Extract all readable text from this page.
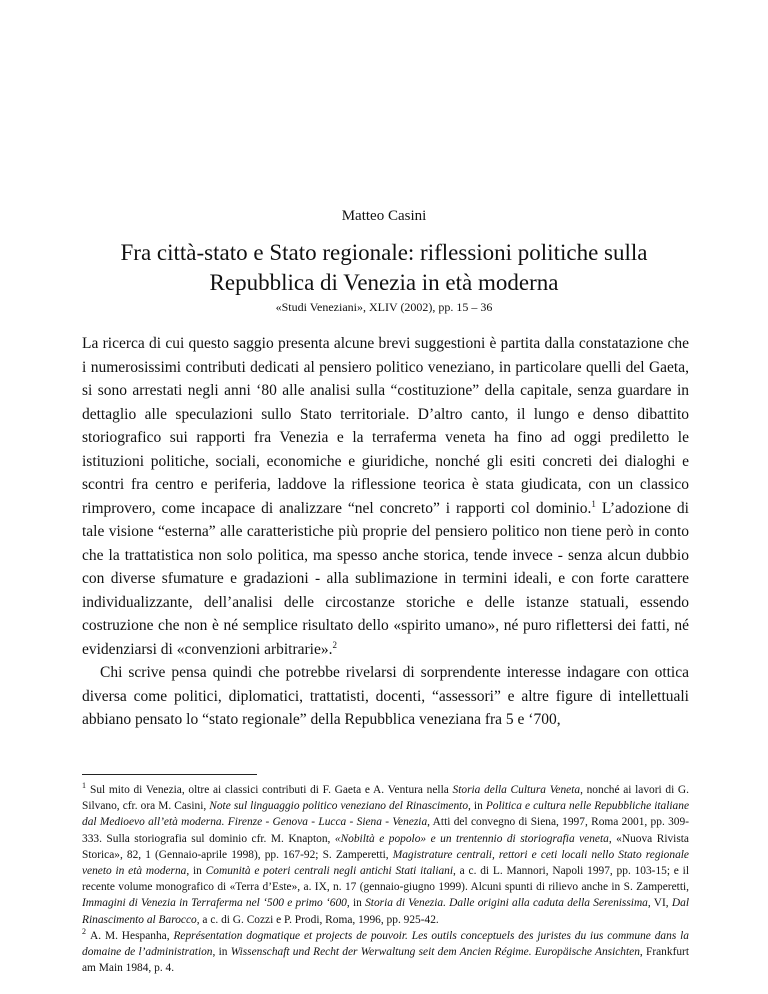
Matteo Casini
Fra città-stato e Stato regionale: riflessioni politiche sulla
Repubblica di Venezia in età moderna
«Studi Veneziani», XLIV (2002), pp. 15 – 36

La ricerca di cui questo saggio presenta alcune brevi suggestioni è partita dalla constatazione che i numerosissimi contributi dedicati al pensiero politico veneziano, in particolare quelli del Gaeta, si sono arrestati negli anni ‘80 alle analisi sulla “costituzione” della capitale, senza guardare in dettaglio alle speculazioni sullo Stato territoriale. D’altro canto, il lungo e denso dibattito storiografico sui rapporti fra Venezia e la terraferma veneta ha fino ad oggi prediletto le istituzioni politiche, sociali, economiche e giuridiche, nonché gli esiti concreti dei dialoghi e scontri fra centro e periferia, laddove la riflessione teorica è stata giudicata, con un classico rimprovero, come incapace di analizzare “nel concreto” i rapporti col dominio.$^1$ L’adozione di tale visione “esterna” alle caratteristiche più proprie del pensiero politico non tiene però in conto che la trattatistica non solo politica, ma spesso anche storica, tende invece - senza alcun dubbio con diverse sfumature e gradazioni - alla sublimazione in termini ideali, e con forte carattere individualizzante, dell’analisi delle circostanze storiche e delle istanze statuali, essendo costruzione che non è né semplice risultato dello «spirito umano», né puro riflettersi dei fatti, né evidenziarsi di «convenzioni arbitrarie».$^2$

Chi scrive pensa quindi che potrebbe rivelarsi di sorprendente interesse indagare con ottica diversa come politici, diplomatici, trattatisti, docenti, “assessori” e altre figure di intellettuali abbiano pensato lo “stato regionale” della Repubblica veneziana fra 5 e ‘700,

$^1$ Sul mito di Venezia, oltre ai classici contributi di F. Gaeta e A. Ventura nella Storia della Cultura Veneta, nonché ai lavori di G. Silvano, cfr. ora M. Casini, Note sul linguaggio politico veneziano del Rinascimento, in Politica e cultura nelle Repubbliche italiane dal Medioevo all’età moderna. Firenze - Genova - Lucca - Siena - Venezia, Atti del convegno di Siena, 1997, Roma 2001, pp. 309-333. Sulla storiografia sul dominio cfr. M. Knapton, «Nobiltà e popolo» e un trentennio di storiografia veneta, «Nuova Rivista Storica», 82, 1 (Gennaio-aprile 1998), pp. 167-92; S. Zamperetti, Magistrature centrali, rettori e ceti locali nello Stato regionale veneto in età moderna, in Comunità e poteri centrali negli antichi Stati italiani, a c. di L. Mannori, Napoli 1997, pp. 103-15; e il recente volume monografico di «Terra d’Este», a. IX, n. 17 (gennaio-giugno 1999). Alcuni spunti di rilievo anche in S. Zamperetti, Immagini di Venezia in Terraferma nel ‘500 e primo ‘600, in Storia di Venezia. Dalle origini alla caduta della Serenissima, VI, Dal Rinascimento al Barocco, a c. di G. Cozzi e P. Prodi, Roma, 1996, pp. 925-42.

$^2$ A. M. Hespanha, Représentation dogmatique et projects de pouvoir. Les outils conceptuels des juristes du ius commune dans la domaine de l’administration, in Wissenschaft und Recht der Werwaltung seit dem Ancien Régime. Europäische Ansichten, Frankfurt am Main 1984, p. 4.
